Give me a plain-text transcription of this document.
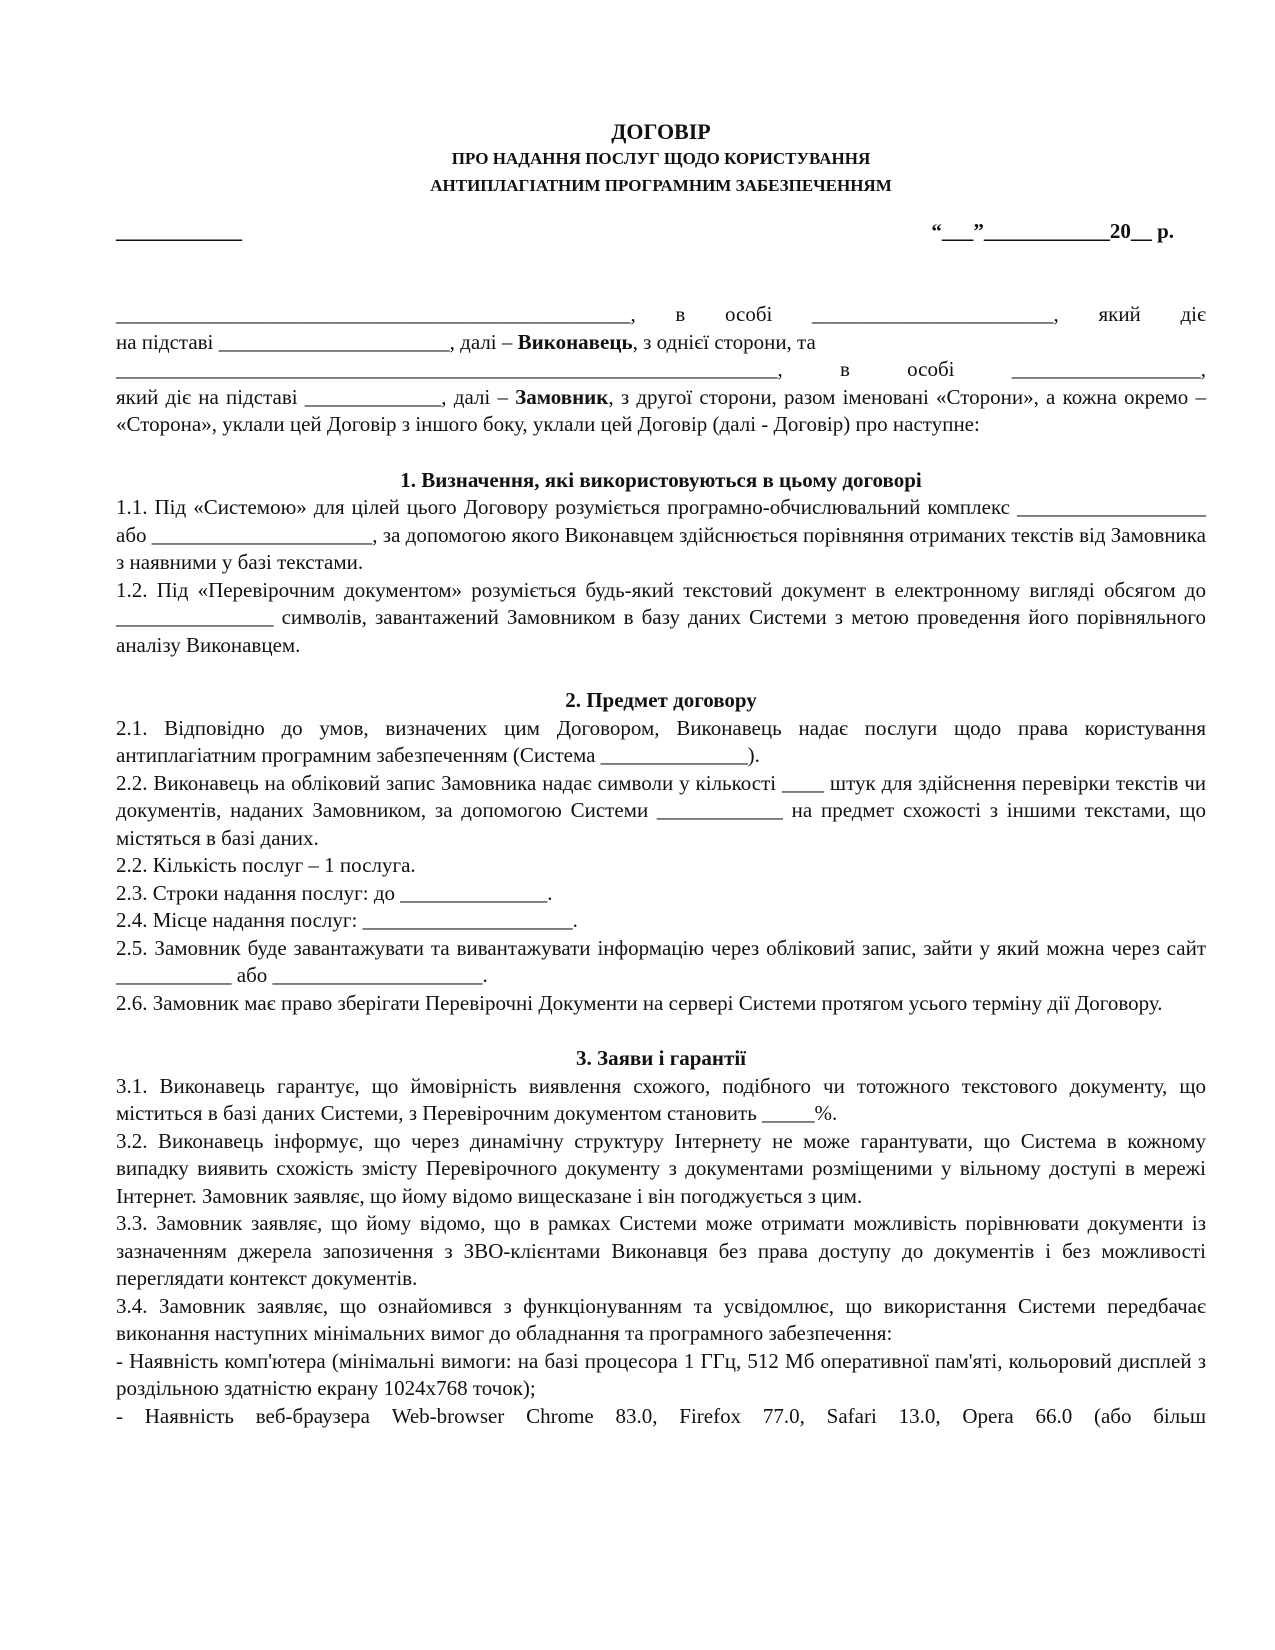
ДОГОВІР
ПРО НАДАННЯ ПОСЛУГ ЩОДО КОРИСТУВАННЯ
АНТИПЛАГІАТНИМ ПРОГРАМНИМ ЗАБЕЗПЕЧЕННЯМ
____________	“___”____________20__ р.

_________________________________________________, в особі _______________________, який діє

на підставі ______________________, далі – Виконавець, з однієї сторони, та

_______________________________________________________________, в особі __________________,

який діє на підставі _____________, далі – Замовник, з другої сторони, разом іменовані «Сторони», а кожна окремо – «Сторона», уклали цей Договір з іншого боку, уклали цей Договір (далі - Договір) про наступне:

1. Визначення, які використовуються в цьому договорі

1.1. Під «Системою» для цілей цього Договору розуміється програмно-обчислювальний комплекс __________________ або _____________________, за допомогою якого Виконавцем здійснюється порівняння отриманих текстів від Замовника з наявними у базі текстами.

1.2. Під «Перевірочним документом» розуміється будь-який текстовий документ в електронному вигляді обсягом до _______________ символів, завантажений Замовником в базу даних Системи з метою проведення його порівняльного аналізу Виконавцем.

2. Предмет договору

2.1. Відповідно до умов, визначених цим Договором, Виконавець надає послуги щодо права користування антиплагіатним програмним забезпеченням (Система ______________).

2.2. Виконавець на обліковий запис Замовника надає символи у кількості ____ штук для здійснення перевірки текстів чи документів, наданих Замовником, за допомогою Системи ____________ на предмет схожості з іншими текстами, що містяться в базі даних.

2.2. Кількість послуг – 1 послуга.

2.3. Строки надання послуг: до ______________.

2.4. Місце надання послуг: ____________________.

2.5. Замовник буде завантажувати та вивантажувати інформацію через обліковий запис, зайти у який можна через сайт ___________ або ____________________.

2.6. Замовник має право зберігати Перевірочні Документи на сервері Системи протягом усього терміну дії Договору.

3. Заяви і гарантії

3.1. Виконавець гарантує, що ймовірність виявлення схожого, подібного чи тотожного текстового документу, що міститься в базі даних Системи, з Перевірочним документом становить _____%.

3.2. Виконавець інформує, що через динамічну структуру Інтернету не може гарантувати, що Система в кожному випадку виявить схожість змісту Перевірочного документу з документами розміщеними у вільному доступі в мережі Інтернет. Замовник заявляє, що йому відомо вищесказане і він погоджується з цим.

3.3. Замовник заявляє, що йому відомо, що в рамках Системи може отримати можливість порівнювати документи із зазначенням джерела запозичення з ЗВО-клієнтами Виконавця без права доступу до документів і без можливості переглядати контекст документів.

3.4. Замовник заявляє, що ознайомився з функціонуванням та усвідомлює, що використання Системи передбачає виконання наступних мінімальних вимог до обладнання та програмного забезпечення:

- Наявність комп'ютера (мінімальні вимоги: на базі процесора 1 ГГц, 512 Мб оперативної пам'яті, кольоровий дисплей з роздільною здатністю екрану 1024x768 точок);

- Наявність веб-браузера Web-browser Chrome 83.0, Firefox 77.0, Safari 13.0, Opera 66.0 (або більш
